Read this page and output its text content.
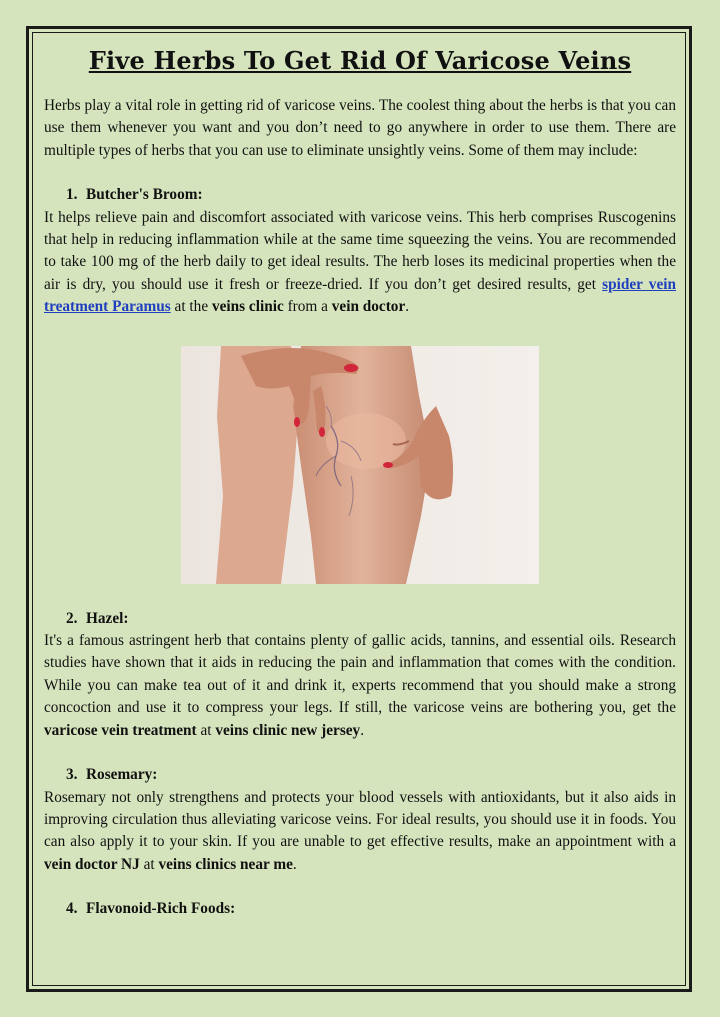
Five Herbs To Get Rid Of Varicose Veins

Herbs play a vital role in getting rid of varicose veins. The coolest thing about the herbs is that you can use them whenever you want and you don’t need to go anywhere in order to use them. There are multiple types of herbs that you can use to eliminate unsightly veins. Some of them may include:

1. Butcher's Broom:

It helps relieve pain and discomfort associated with varicose veins. This herb comprises Ruscogenins that help in reducing inflammation while at the same time squeezing the veins. You are recommended to take 100 mg of the herb daily to get ideal results. The herb loses its medicinal properties when the air is dry, you should use it fresh or freeze-dried. If you don’t get desired results, get spider vein treatment Paramus at the veins clinic from a vein doctor.

2. Hazel:

It's a famous astringent herb that contains plenty of gallic acids, tannins, and essential oils. Research studies have shown that it aids in reducing the pain and inflammation that comes with the condition. While you can make tea out of it and drink it, experts recommend that you should make a strong concoction and use it to compress your legs. If still, the varicose veins are bothering you, get the varicose vein treatment at veins clinic new jersey.

3. Rosemary:

Rosemary not only strengthens and protects your blood vessels with antioxidants, but it also aids in improving circulation thus alleviating varicose veins. For ideal results, you should use it in foods. You can also apply it to your skin. If you are unable to get effective results, make an appointment with a vein doctor NJ at veins clinics near me.

4. Flavonoid-Rich Foods:
